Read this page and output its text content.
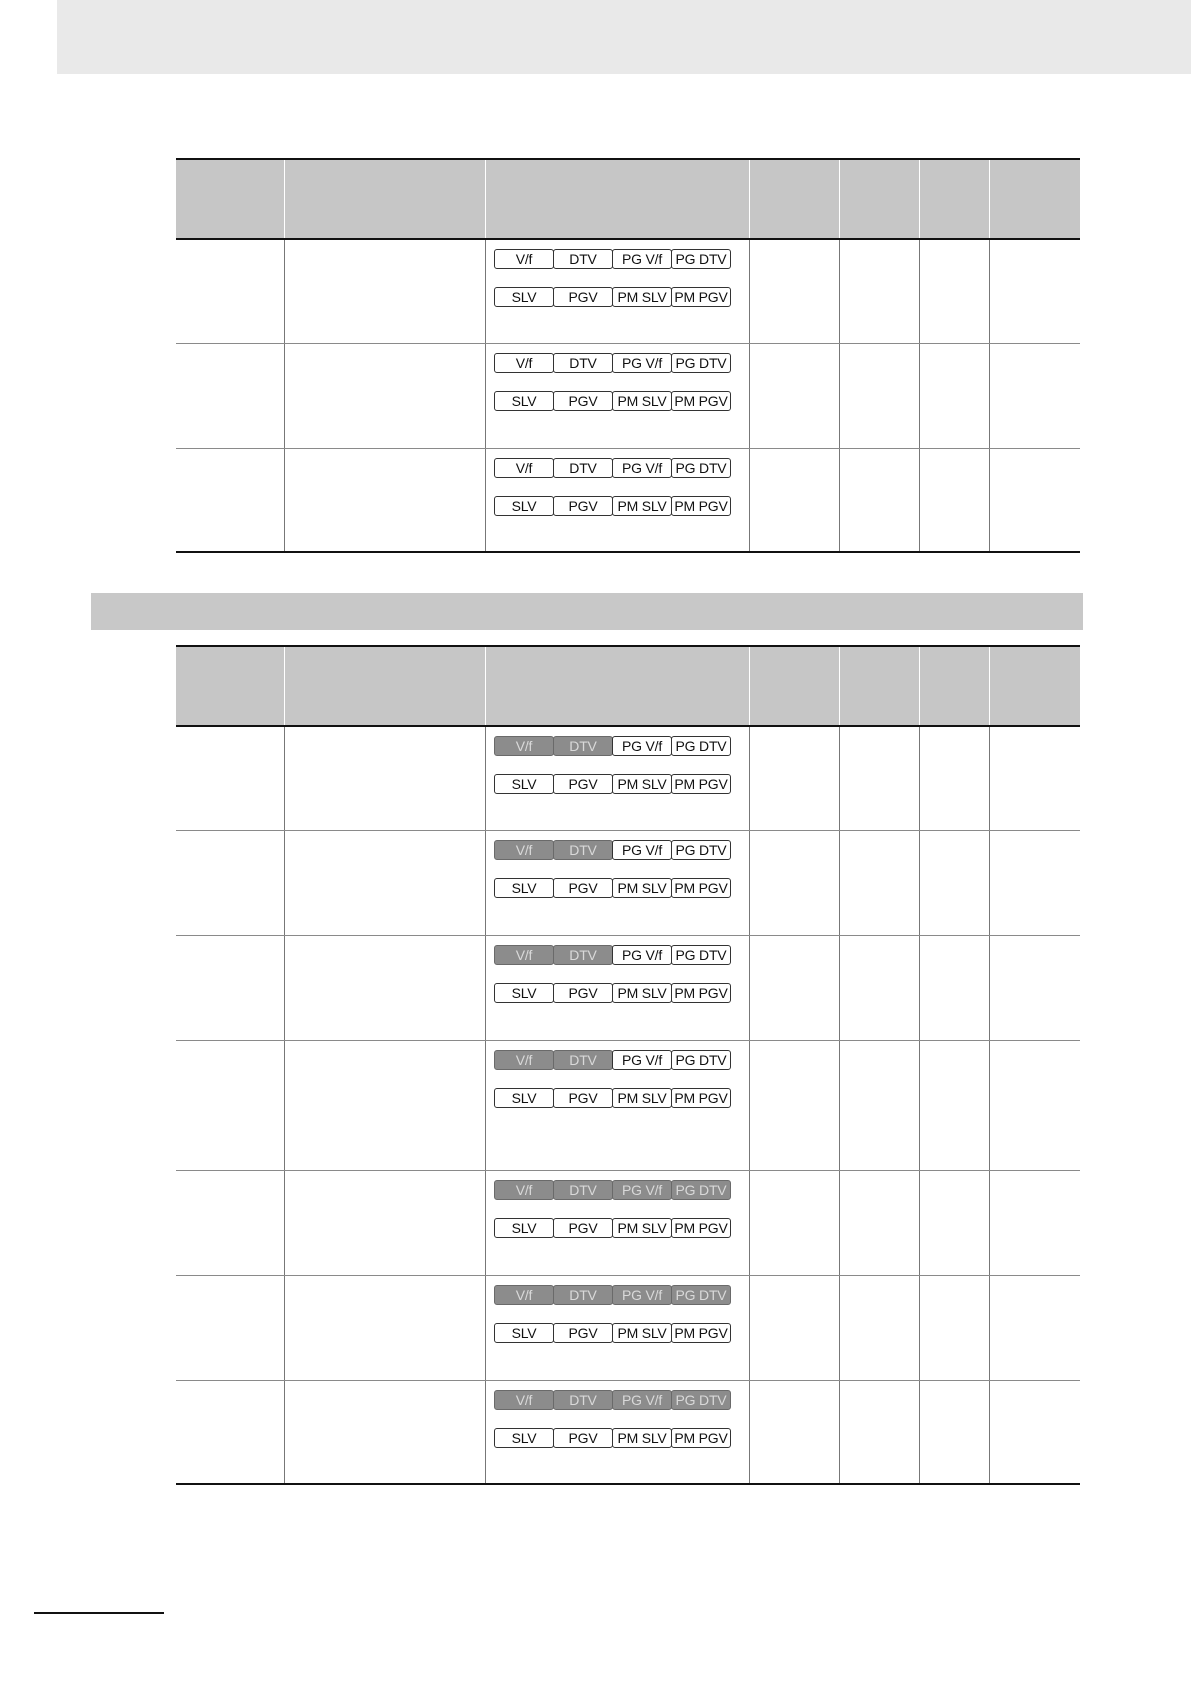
V/f	DTV	PG V/f PG DTV
SLV	PGV	PM SLV PM PGV
V/f	DTV	PG V/f PG DTV
SLV	PGV	PM SLV PM PGV
V/f	DTV	PG V/f PG DTV
SLV	PGV	PM SLV PM PGV
V/f	DTV	PG V/f PG DTV
SLV	PGV	PM SLV PM PGV
V/f	DTV	PG V/f PG DTV
SLV	PGV	PM SLV PM PGV
V/f	DTV	PG V/f PG DTV
SLV	PGV	PM SLV PM PGV
V/f	DTV	PG V/f PG DTV
SLV	PGV	PM SLV PM PGV
V/f	DTV	PG V/f PG DTV
SLV	PGV	PM SLV PM PGV
V/f	DTV	PG V/f PG DTV
SLV	PGV	PM SLV PM PGV
V/f	DTV	PG V/f PG DTV
SLV	PGV	PM SLV PM PGV
